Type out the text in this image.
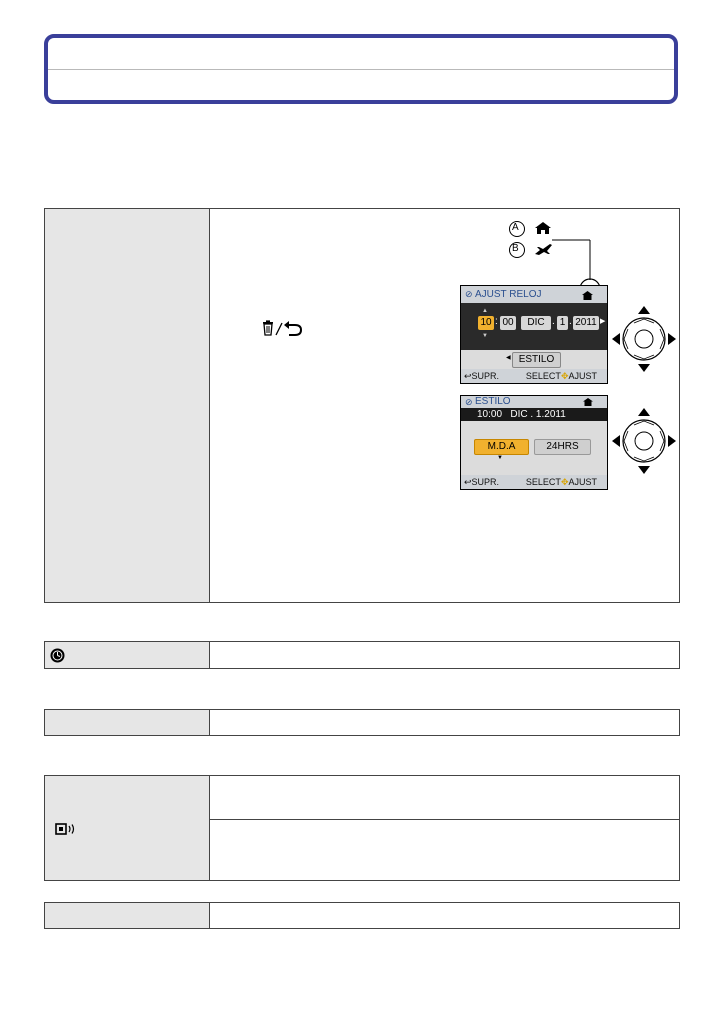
A
B
⊘ AJUST RELOJ
▲
10 : 00	DIC . 1 . 2011 ▶
▼
◀ ESTILO
↩SUPR.	SELECT✥AJUST
⊘ ESTILO
10:00   DIC . 1.2011
M.D.A	24HRS
▼
↩SUPR.	SELECT✥AJUST
